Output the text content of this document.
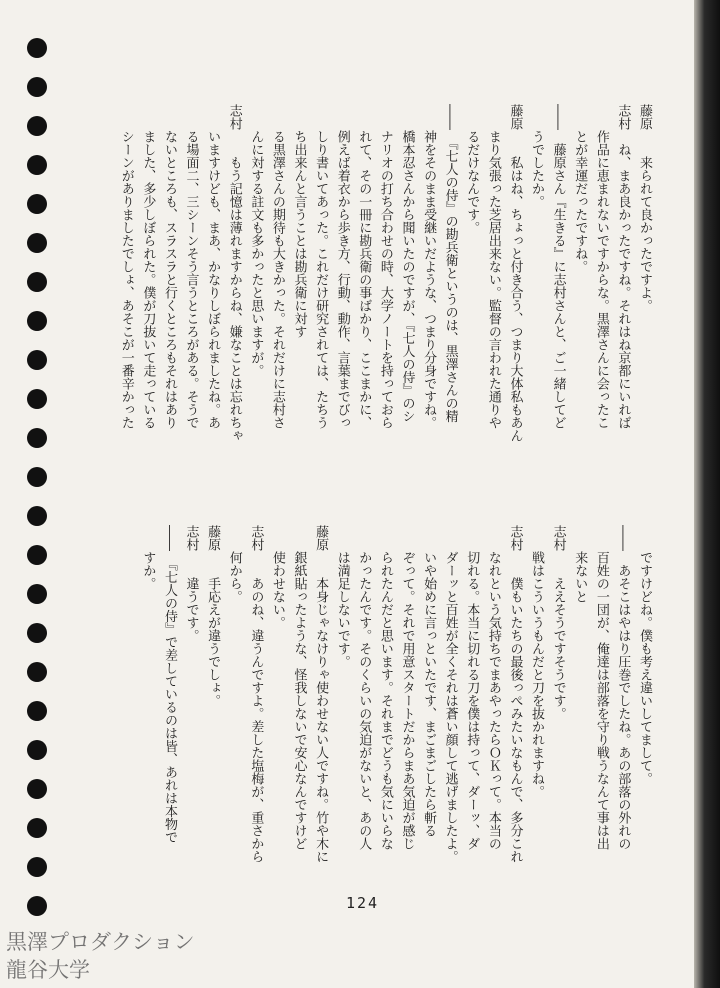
藤原　　来られて良かったですよ。
志村　ね、まあ良かったですね。それはね京都にいれば
　　作品に恵まれないですからな。黒澤さんに会ったこ
　　とが幸運だったですね。
――　藤原さん『生きる』に志村さんと、ご一緒してど
　　うでしたか。
藤原　　私はね、ちょっと付き合う、つまり大体私もあん
　　まり気張った芝居出来ない。監督の言われた通りや
　　るだけなんです。
――　『七人の侍』の勘兵衛というのは、黒澤さんの精
　　神をそのまま受継いだような、つまり分身ですね。
　　橋本忍さんから聞いたのですが、『七人の侍』のシ
　　ナリオの打ち合わせの時、大学ノートを持っておら
　　れて、その一冊に勘兵衛の事ばかり、ここまかに、
　　例えば着衣から歩き方、行動、動作、言葉までびっ
　　しり書いてあった。これだけ研究されては、たちう
　　ち出来んと言うことは勘兵衛に対す
　　る黒澤さんの期待も大きかった。それだけに志村さ
　　んに対する註文も多かったと思いますが。
志村　　もう記憶は薄れますからね、嫌なことは忘れちゃ
　　いますけども、まあ、かなりしぼられましたね。あ
　　る場面二、三シーンそう言うところがある。そうで
　　ないところも、スラスラと行くところもそれはあり
　　ました、多少しぼられた。僕が刀抜いて走っている
　　シーンがありましたでしょ、あそこが一番辛かった
　　ですけどね。僕も考え違いしてまして。
――　あそこはやはり圧巻でしたね。あの部落の外れの
　　百姓の一団が、俺達は部落を守り戦うなんて事は出
　　来ないと
志村　　ええそうですそうです。
　　戦はこういうもんだと刀を抜かれますね。
志村　　僕もいたちの最後っぺみたいなもんで、多分これ
　　なれという気持ちでまあやったらＯＫって。本当の
　　切れる。本当に切れる刀を僕は持って、ダーッ、ダ
　　ダーッと百姓が全くそれは蒼い顔して逃げましたよ。
　　いや始めに言っといたです、まごまごしたら斬る
　　ぞって。それで用意スタートだからまあ気迫が感じ
　　られたんだと思います。それまでどうも気にいらな
　　かったんです。そのくらいの気迫がないと、あの人
　　は満足しないです。
藤原　　本身じゃなけりゃ使わせない人ですね。竹や木に
　　銀紙貼ったような、怪我しないで安心なんですけど
　　使わせない。
志村　　あのね、違うんですよ。差した塩梅が、重さから
　　何から。
藤原　　手応えが違うでしょ。
志村　　違うです。
――　『七人の侍』で差しているのは皆、あれは本物で
　　すか。
124
黒澤プロダクション
龍谷大学
